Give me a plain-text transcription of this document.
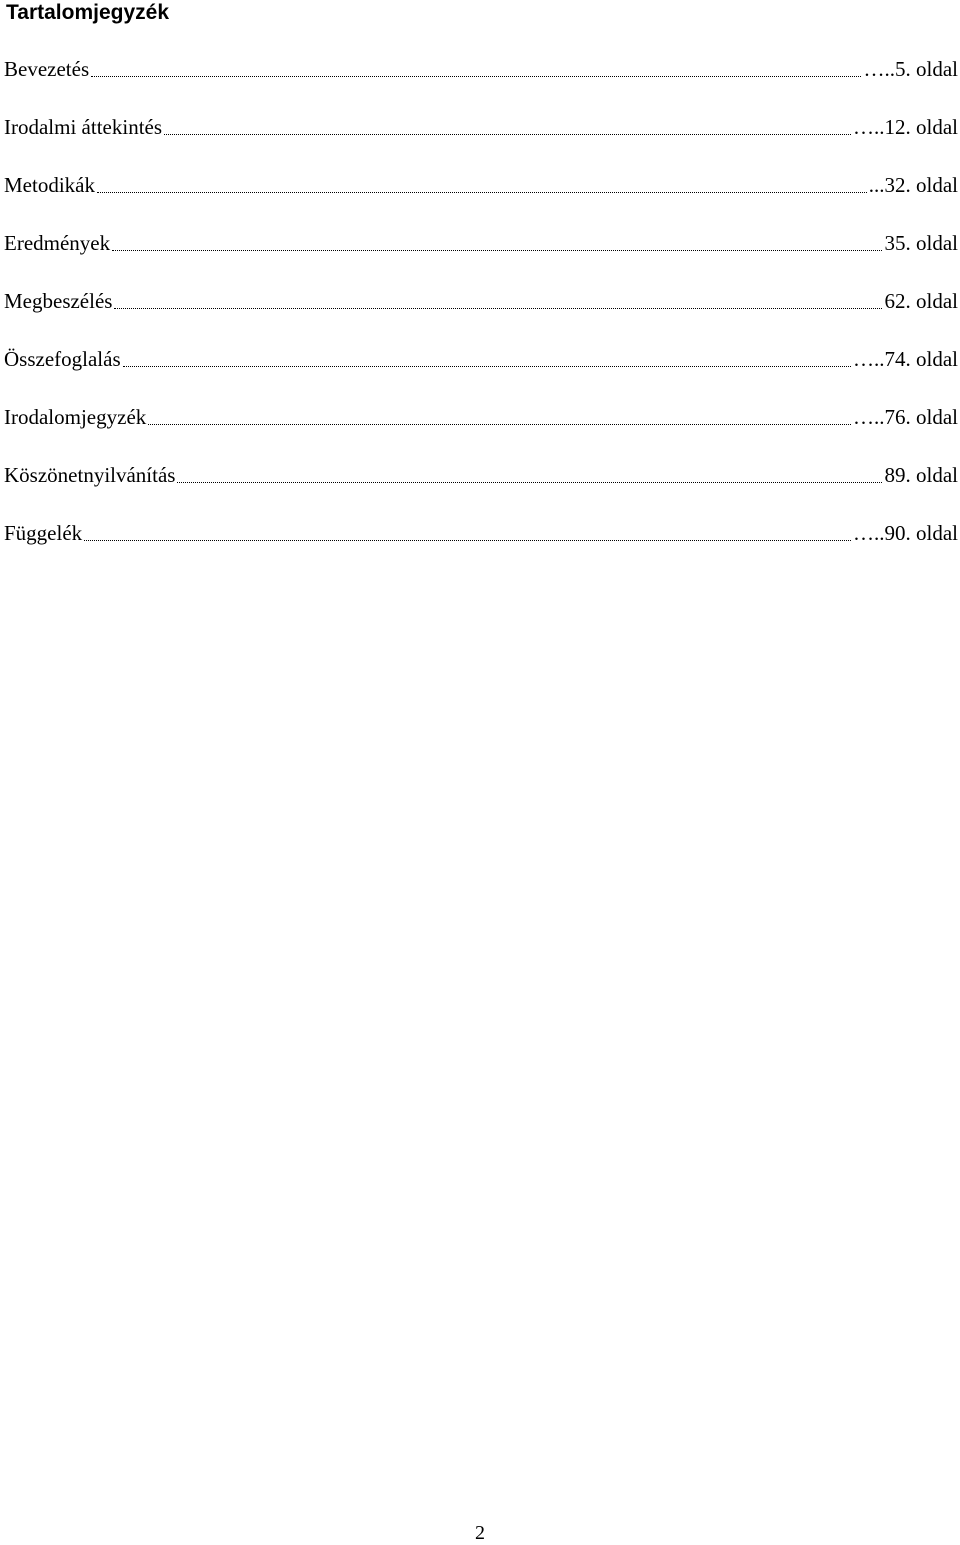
Tartalomjegyzék
Bevezetés	…..5. oldal
Irodalmi áttekintés	…..12. oldal
Metodikák	...32. oldal
Eredmények	35. oldal
Megbeszélés	62. oldal
Összefoglalás	…..74. oldal
Irodalomjegyzék	…..76. oldal
Köszönetnyilvánítás	89. oldal
Függelék	…..90. oldal
2
